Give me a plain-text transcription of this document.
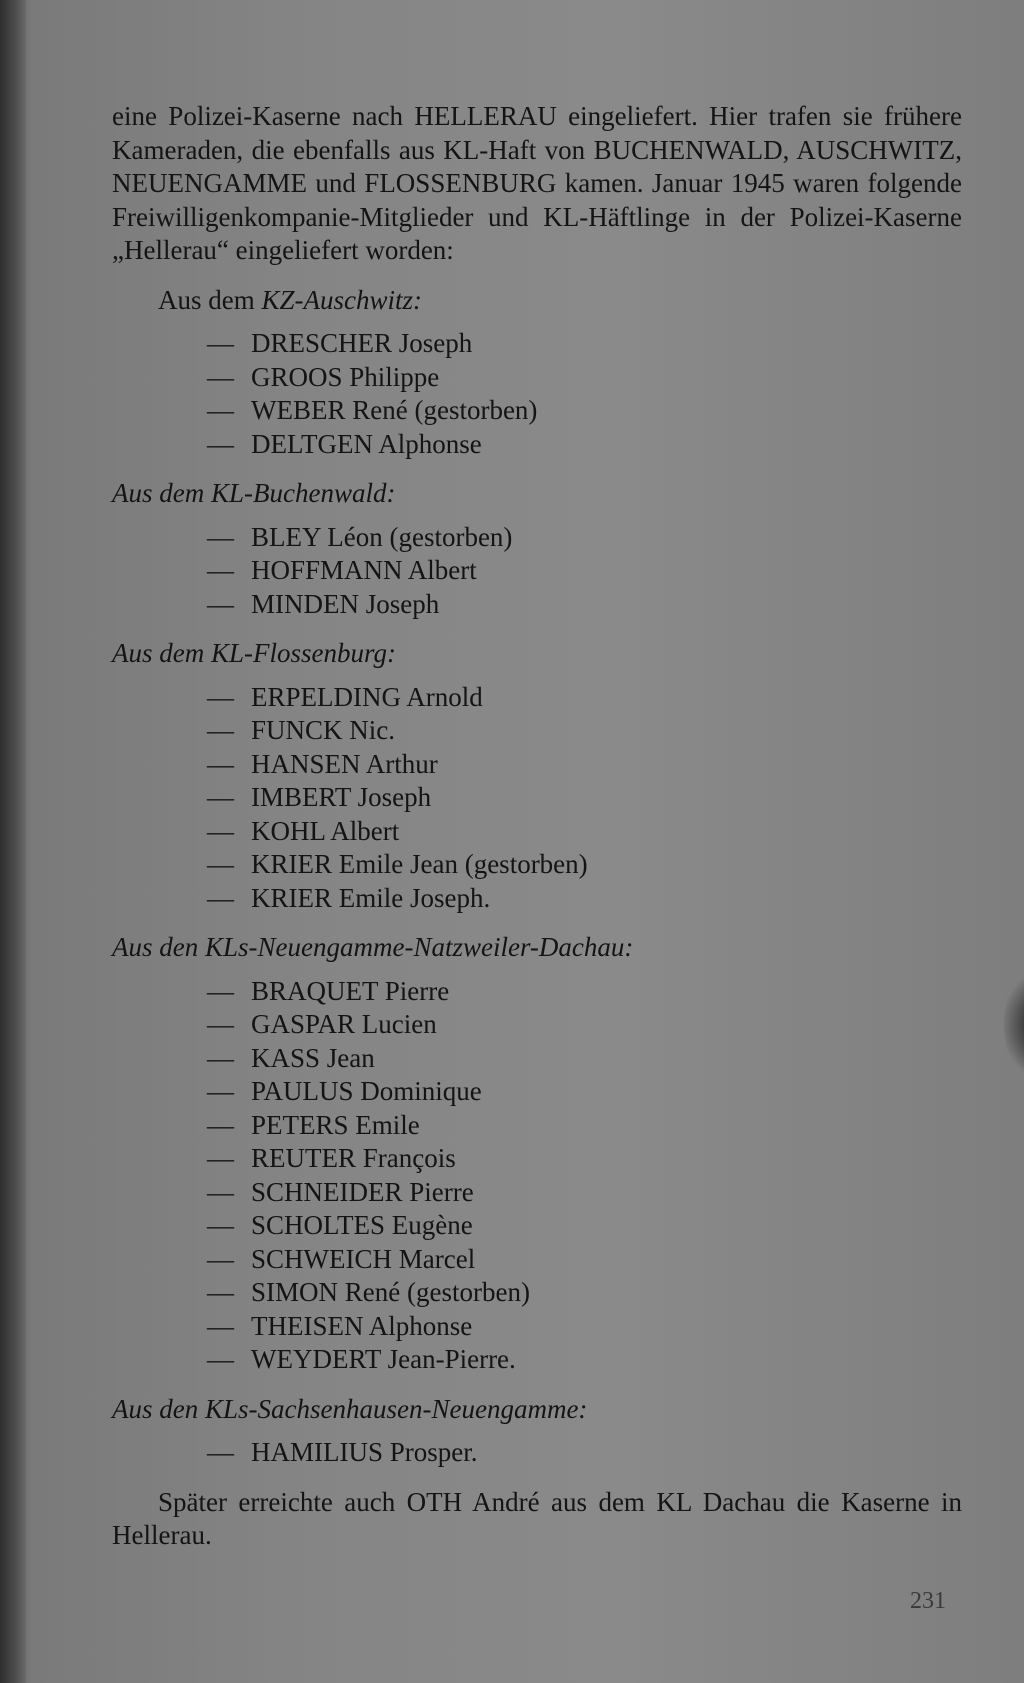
eine Polizei-Kaserne nach HELLERAU eingeliefert. Hier trafen sie frühere Kameraden, die ebenfalls aus KL-Haft von BUCHENWALD, AUSCHWITZ, NEUENGAMME und FLOSSENBURG kamen. Januar 1945 waren folgende Freiwilligenkompanie-Mitglieder und KL-Häftlinge in der Polizei-Kaserne „Hellerau“ eingeliefert worden:

Aus dem KZ-Auschwitz:

— DRESCHER Joseph
— GROOS Philippe
— WEBER René (gestorben)
— DELTGEN Alphonse

Aus dem KL-Buchenwald:

— BLEY Léon (gestorben)
— HOFFMANN Albert
— MINDEN Joseph

Aus dem KL-Flossenburg:

— ERPELDING Arnold
— FUNCK Nic.
— HANSEN Arthur
— IMBERT Joseph
— KOHL Albert
— KRIER Emile Jean (gestorben)
— KRIER Emile Joseph.

Aus den KLs-Neuengamme-Natzweiler-Dachau:

— BRAQUET Pierre
— GASPAR Lucien
— KASS Jean
— PAULUS Dominique
— PETERS Emile
— REUTER François
— SCHNEIDER Pierre
— SCHOLTES Eugène
— SCHWEICH Marcel
— SIMON René (gestorben)
— THEISEN Alphonse
— WEYDERT Jean-Pierre.

Aus den KLs-Sachsenhausen-Neuengamme:

— HAMILIUS Prosper.

Später erreichte auch OTH André aus dem KL Dachau die Kaserne in Hellerau.

231
